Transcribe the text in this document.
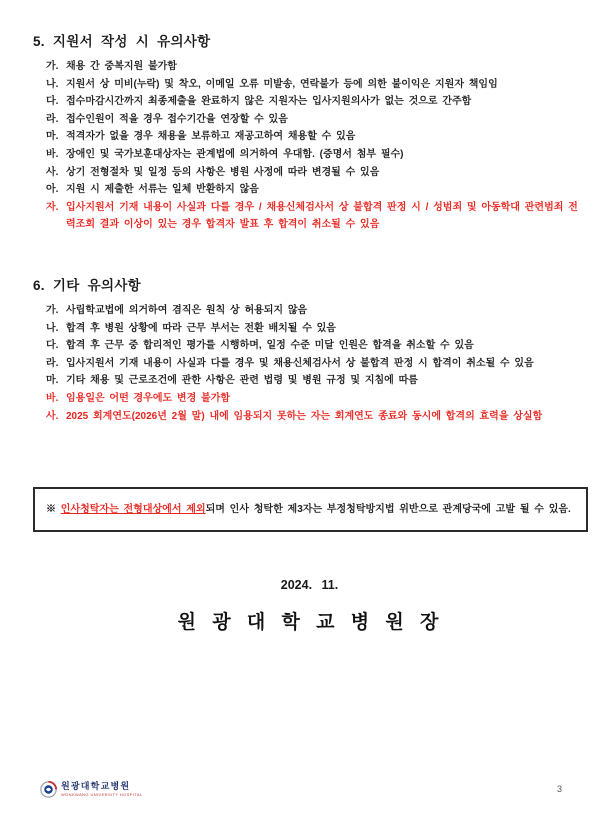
5. 지원서 작성 시 유의사항
가. 채용 간 중복지원 불가함
나. 지원서 상 미비(누락) 및 착오, 이메일 오류 미발송, 연락불가 등에 의한 불이익은 지원자 책임임
다. 접수마감시간까지 최종제출을 완료하지 않은 지원자는 입사지원의사가 없는 것으로 간주함
라. 접수인원이 적을 경우 접수기간을 연장할 수 있음
마. 적격자가 없을 경우 채용을 보류하고 재공고하여 채용할 수 있음
바. 장애인 및 국가보훈대상자는 관계법에 의거하여 우대함. (증명서 첨부 필수)
사. 상기 전형절차 및 일정 등의 사항은 병원 사정에 따라 변경될 수 있음
아. 지원 시 제출한 서류는 일체 반환하지 않음
자. 입사지원서 기재 내용이 사실과 다를 경우 / 채용신체검사서 상 불합격 판정 시 / 성범죄 및 아동학대 관련범죄 전력조회 결과 이상이 있는 경우 합격자 발표 후 합격이 취소될 수 있음
6. 기타 유의사항
가. 사립학교법에 의거하여 겸직은 원칙 상 허용되지 않음
나. 합격 후 병원 상황에 따라 근무 부서는 전환 배치될 수 있음
다. 합격 후 근무 중 합리적인 평가를 시행하며, 일정 수준 미달 인원은 합격을 취소할 수 있음
라. 입사지원서 기재 내용이 사실과 다를 경우 및 채용신체검사서 상 불합격 판정 시 합격이 취소될 수 있음
마. 기타 채용 및 근로조건에 관한 사항은 관련 법령 및 병원 규정 및 지침에 따름
바. 임용일은 어떤 경우에도 변경 불가함
사. 2025 회계연도(2026년 2월 말) 내에 임용되지 못하는 자는 회계연도 종료와 동시에 합격의 효력을 상실함
※ 인사청탁자는 전형대상에서 제외되며 인사 청탁한 제3자는 부정청탁방지법 위반으로 관계당국에 고발 될 수 있음.
2024. 11.
원 광 대 학 교 병 원 장
원광대학교병원
WONKWANG UNIVERSITY HOSPITAL
3
